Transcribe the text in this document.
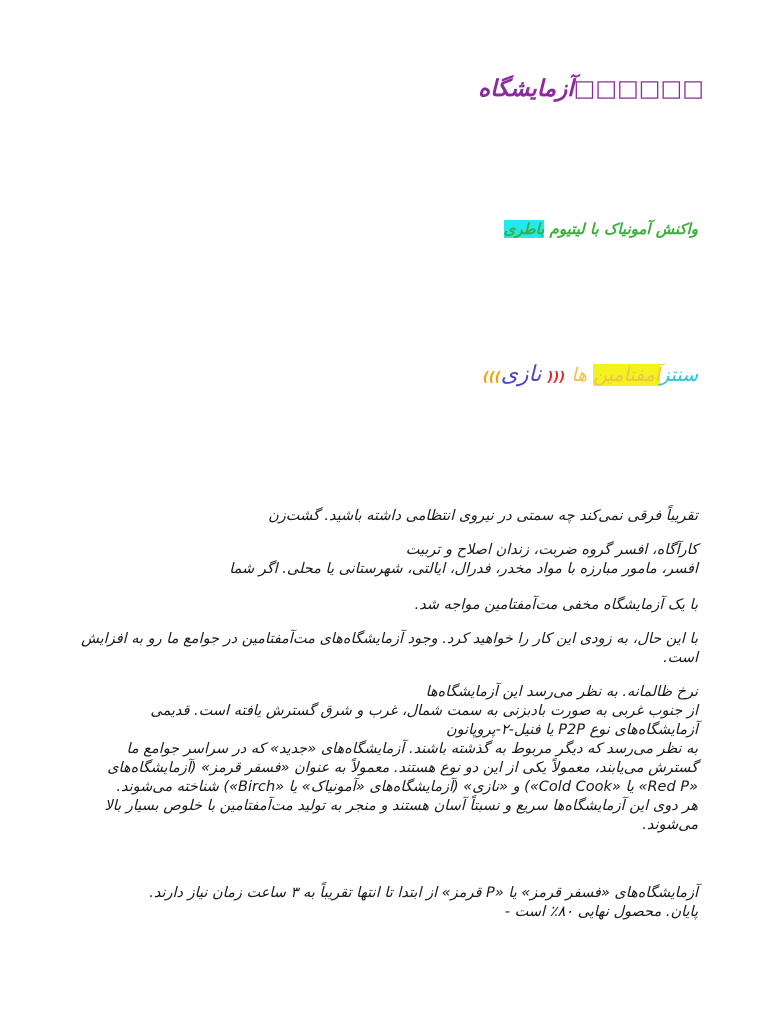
□□□□□□آزمایشگاه
واکنش آمونیاک با لیتیوم باطری
سنتزآمفتامین ها ((( نازی)))

تقریباً فرقی نمی‌کند چه سمتی در نیروی انتظامی داشته باشید. گشت‌زن

کارآگاه، افسر گروه ضربت، زندان اصلاح و تربیت

افسر، مامور مبارزه با مواد مخدر، فدرال، ایالتی، شهرستانی یا محلی. اگر شما

با یک آزمایشگاه مخفی مت‌آمفتامین مواجه شد.

با این حال، به زودی این کار را خواهید کرد. وجود آزمایشگاه‌های مت‌آمفتامین در جوامع ما رو به افزایش است.

نرخ ظالمانه. به نظر می‌رسد این آزمایشگاه‌ها

از جنوب غربی به صورت بادبزنی به سمت شمال، غرب و شرق گسترش یافته است. قدیمی

آزمایشگاه‌های نوع P2P یا فنیل-۲-پروپانون

به نظر می‌رسد که دیگر مربوط به گذشته باشند. آزمایشگاه‌های «جدید» که در سراسر جوامع ما گسترش می‌یابند، معمولاً یکی از این دو نوع هستند. معمولاً به عنوان «فسفر قرمز» (آزمایشگاه‌های «Red P» یا «Cold Cook») و «نازی» (آزمایشگاه‌های «آمونیاک» یا «Birch») شناخته می‌شوند.

هر دوی این آزمایشگاه‌ها سریع و نسبتاً آسان هستند و منجر به تولید مت‌آمفتامین با خلوص بسیار بالا می‌شوند.

آزمایشگاه‌های «فسفر قرمز» یا «P قرمز» از ابتدا تا انتها تقریباً به ۳ ساعت زمان نیاز دارند.

پایان. محصول نهایی ۸۰٪ است -
